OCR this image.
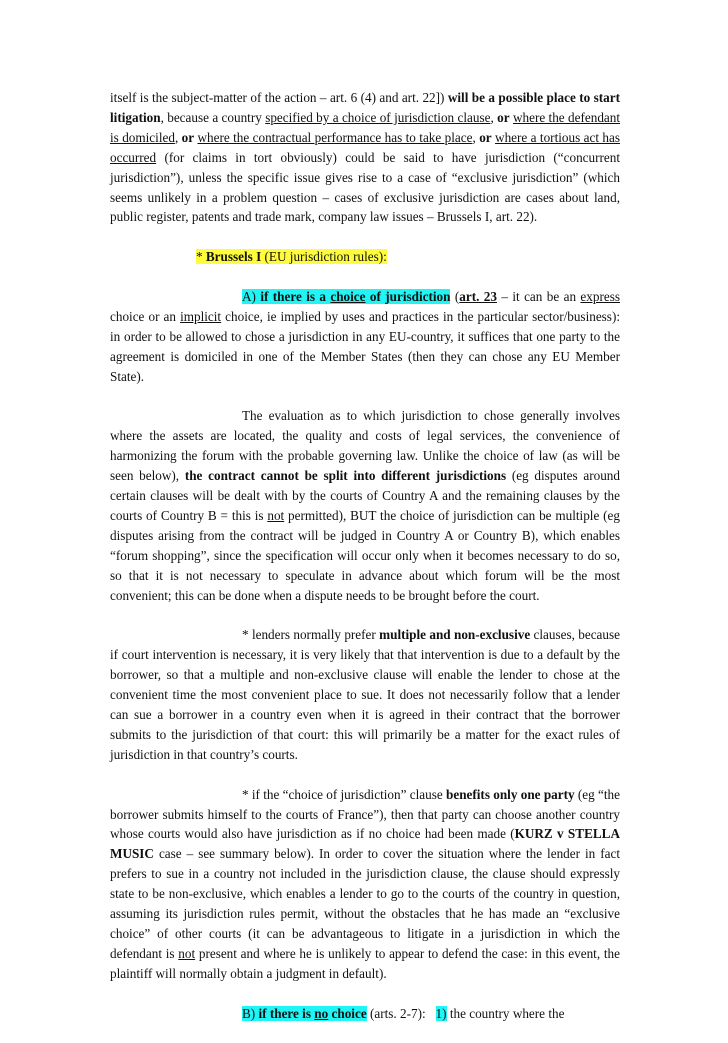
itself is the subject-matter of the action – art. 6 (4) and art. 22]) will be a possible place to start litigation, because a country specified by a choice of jurisdiction clause, or where the defendant is domiciled, or where the contractual performance has to take place, or where a tortious act has occurred (for claims in tort obviously) could be said to have jurisdiction (“concurrent jurisdiction”), unless the specific issue gives rise to a case of “exclusive jurisdiction” (which seems unlikely in a problem question – cases of exclusive jurisdiction are cases about land, public register, patents and trade mark, company law issues – Brussels I, art. 22).

* Brussels I (EU jurisdiction rules):

A) if there is a choice of jurisdiction (art. 23 – it can be an express choice or an implicit choice, ie implied by uses and practices in the particular sector/business): in order to be allowed to chose a jurisdiction in any EU-country, it suffices that one party to the agreement is domiciled in one of the Member States (then they can chose any EU Member State).

The evaluation as to which jurisdiction to chose generally involves where the assets are located, the quality and costs of legal services, the convenience of harmonizing the forum with the probable governing law. Unlike the choice of law (as will be seen below), the contract cannot be split into different jurisdictions (eg disputes around certain clauses will be dealt with by the courts of Country A and the remaining clauses by the courts of Country B = this is not permitted), BUT the choice of jurisdiction can be multiple (eg disputes arising from the contract will be judged in Country A or Country B), which enables “forum shopping”, since the specification will occur only when it becomes necessary to do so, so that it is not necessary to speculate in advance about which forum will be the most convenient; this can be done when a dispute needs to be brought before the court.

* lenders normally prefer multiple and non-exclusive clauses, because if court intervention is necessary, it is very likely that that intervention is due to a default by the borrower, so that a multiple and non-exclusive clause will enable the lender to chose at the convenient time the most convenient place to sue. It does not necessarily follow that a lender can sue a borrower in a country even when it is agreed in their contract that the borrower submits to the jurisdiction of that court: this will primarily be a matter for the exact rules of jurisdiction in that country’s courts.

* if the “choice of jurisdiction” clause benefits only one party (eg “the borrower submits himself to the courts of France”), then that party can choose another country whose courts would also have jurisdiction as if no choice had been made (KURZ v STELLA MUSIC case – see summary below). In order to cover the situation where the lender in fact prefers to sue in a country not included in the jurisdiction clause, the clause should expressly state to be non-exclusive, which enables a lender to go to the courts of the country in question, assuming its jurisdiction rules permit, without the obstacles that he has made an “exclusive choice” of other courts (it can be advantageous to litigate in a jurisdiction in which the defendant is not present and where he is unlikely to appear to defend the case: in this event, the plaintiff will normally obtain a judgment in default).

B) if there is no choice (arts. 2-7):   1) the country where the
